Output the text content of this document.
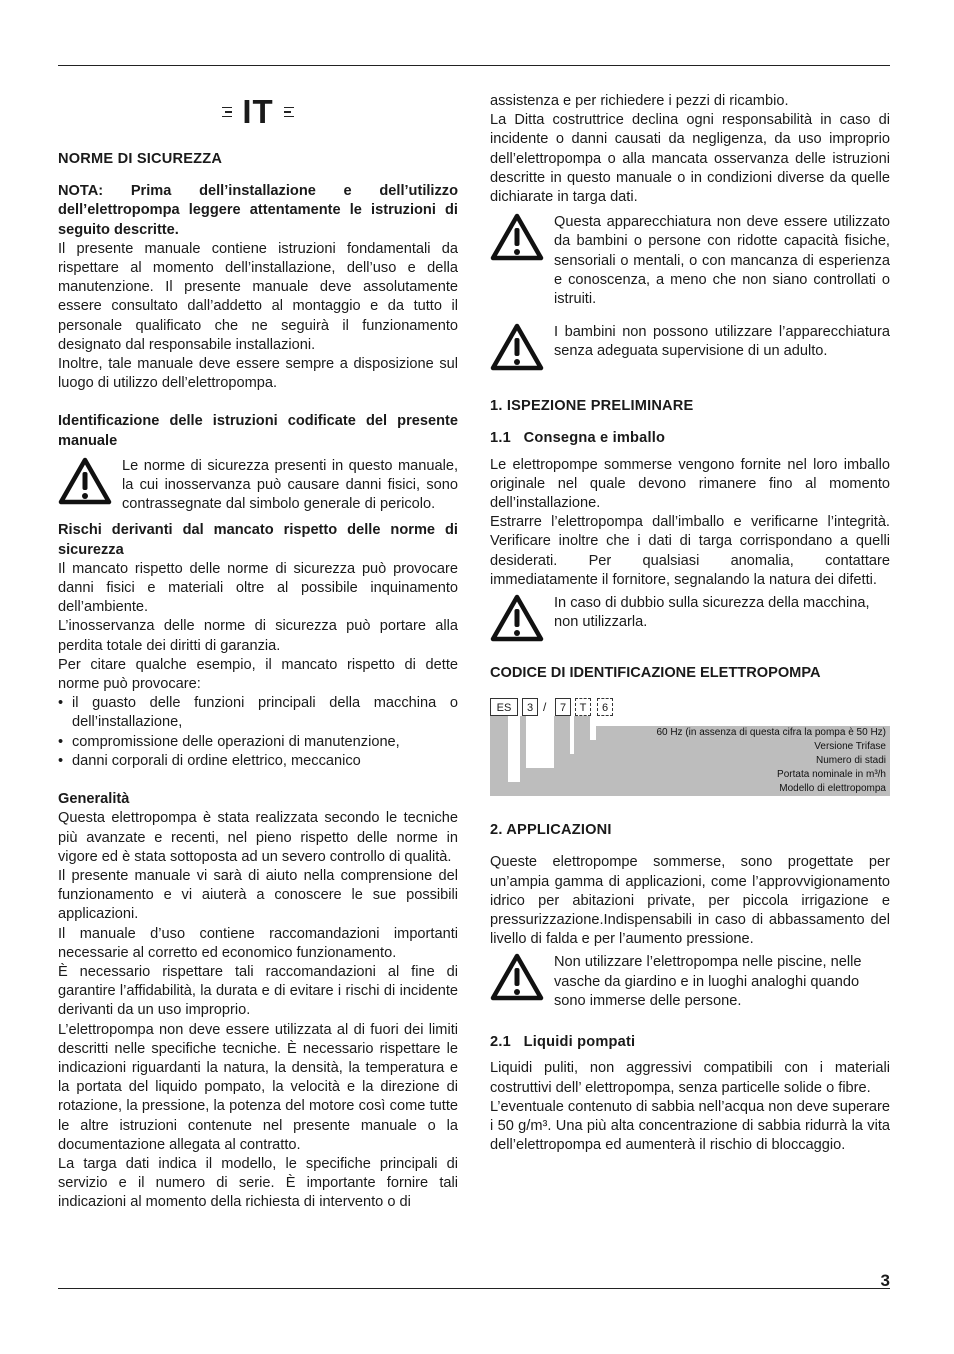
IT

NORME DI SICUREZZA

NOTA: Prima dell’installazione e dell’utilizzo dell’elettropompa leggere attentamente le istruzioni di seguito descritte.

Il presente manuale contiene istruzioni fondamentali da rispettare al momento dell’installazione, dell’uso e della manutenzione. Il presente manuale deve assolutamente essere consultato dall’addetto al montaggio e da tutto il personale qualificato che ne seguirà il funzionamento designato dal responsabile installazioni.

Inoltre, tale manuale deve essere sempre a disposizione sul luogo di utilizzo dell’elettropompa.

Identificazione delle istruzioni codificate del presente manuale

Le norme di sicurezza presenti in questo manuale, la cui inosservanza può causare danni fisici, sono contrassegnate dal simbolo generale di pericolo.

Rischi derivanti dal mancato rispetto delle norme di sicurezza

Il mancato rispetto delle norme di sicurezza può provocare danni fisici e materiali oltre al possibile inquinamento dell’ambiente.

L’inosservanza delle norme di sicurezza può portare alla perdita totale dei diritti di garanzia.

Per citare qualche esempio, il mancato rispetto di dette norme può provocare:

• il guasto delle funzioni principali della macchina o dell’installazione,
• compromissione delle operazioni di manutenzione,
• danni corporali di ordine elettrico, meccanico

Generalità

Questa elettropompa è stata realizzata secondo le tecniche più avanzate e recenti, nel pieno rispetto delle norme in vigore ed è stata sottoposta ad un severo controllo di qualità.

Il presente manuale vi sarà di aiuto nella comprensione del funzionamento e vi aiuterà a conoscere le sue possibili applicazioni.

Il manuale d’uso contiene raccomandazioni importanti necessarie al corretto ed economico funzionamento.

È necessario rispettare tali raccomandazioni al fine di garantire l’affidabilità, la durata e di evitare i rischi di incidente derivanti da un uso improprio.

L’elettropompa non deve essere utilizzata al di fuori dei limiti descritti nelle specifiche tecniche. È necessario rispettare le indicazioni riguardanti la natura, la densità, la temperatura e la portata del liquido pompato, la velocità e la direzione di rotazione, la pressione, la potenza del motore così come tutte le altre istruzioni contenute nel presente manuale o la documentazione allegata al contratto.

La targa dati indica il modello, le specifiche principali di servizio e il numero di serie. È importante fornire tali indicazioni al momento della richiesta di intervento o di

assistenza e per richiedere i pezzi di ricambio.

La Ditta costruttrice declina ogni responsabilità in caso di incidente o danni causati da negligenza, da uso improprio dell’elettropompa o alla mancata osservanza delle istruzioni descritte in questo manuale o in condizioni diverse da quelle dichiarate in targa dati.

Questa apparecchiatura non deve essere utilizzato da bambini o persone con ridotte capacità fisiche, sensoriali o mentali, o con mancanza di esperienza e conoscenza, a meno che non siano controllati o istruiti.

I bambini non possono utilizzare l’apparecchiatura senza adeguata supervisione di un adulto.

1. ISPEZIONE PRELIMINARE

1.1   Consegna e imballo

Le elettropompe sommerse vengono fornite nel loro imballo originale nel quale devono rimanere fino al momento dell’installazione.

Estrarre l’elettropompa dall’imballo e verificarne l’integrità. Verificare inoltre che i dati di targa corrispondano a quelli desiderati. Per qualsiasi anomalia, contattare immediatamente il fornitore, segnalando la natura dei difetti.

In caso di dubbio sulla sicurezza della macchina, non utilizzarla.

CODICE DI IDENTIFICAZIONE ELETTROPOMPA

ES	3 /	7	T	6
60 Hz (in assenza di questa cifra la pompa è 50 Hz)
Versione Trifase
Numero di stadi
Portata nominale in m³/h
Modello di elettropompa

2. APPLICAZIONI

Queste elettropompe sommerse, sono progettate per un’ampia gamma di applicazioni, come l’approvvigionamento idrico per abitazioni private, per piccola irrigazione e pressurizzazione.Indispensabili in caso di abbassamento del livello di falda e per l’aumento pressione.

Non utilizzare l’elettropompa nelle piscine, nelle vasche da giardino e in luoghi analoghi quando sono immerse delle persone.

2.1   Liquidi pompati

Liquidi puliti, non aggressivi compatibili con i materiali costruttivi dell’ elettropompa, senza particelle solide o fibre.

L’eventuale contenuto di sabbia nell’acqua non deve superare i 50 g/m³. Una più alta concentrazione di sabbia ridurrà la vita dell’elettropompa ed aumenterà il rischio di bloccaggio.

3
